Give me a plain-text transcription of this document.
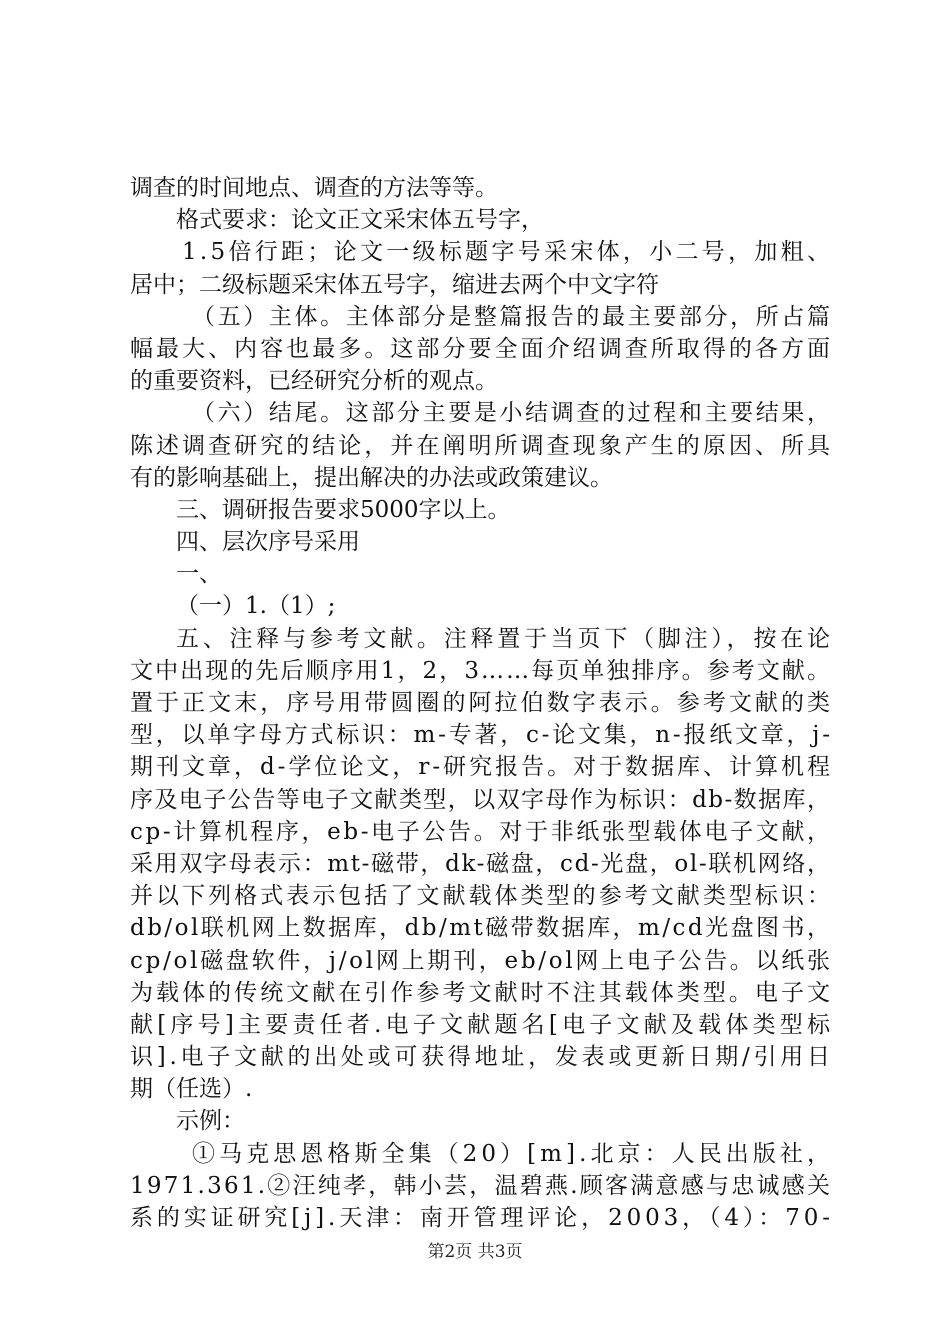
调查的时间地点、调查的方法等等。
格式要求：论文正文采宋体五号字，
1.5倍行距；论文一级标题字号采宋体，小二号，加粗、
居中；二级标题采宋体五号字，缩进去两个中文字符
（五）主体。主体部分是整篇报告的最主要部分，所占篇
幅最大、内容也最多。这部分要全面介绍调查所取得的各方面
的重要资料，已经研究分析的观点。
（六）结尾。这部分主要是小结调查的过程和主要结果，
陈述调查研究的结论，并在阐明所调查现象产生的原因、所具
有的影响基础上，提出解决的办法或政策建议。
三、调研报告要求5000字以上。
四、层次序号采用
一、
（一）1.（1）;
五、注释与参考文献。注释置于当页下（脚注），按在论
文中出现的先后顺序用1，2，3……每页单独排序。参考文献。
置于正文末，序号用带圆圈的阿拉伯数字表示。参考文献的类
型，以单字母方式标识：m-专著，c-论文集，n-报纸文章，j-
期刊文章，d-学位论文，r-研究报告。对于数据库、计算机程
序及电子公告等电子文献类型，以双字母作为标识：db-数据库，
cp-计算机程序，eb-电子公告。对于非纸张型载体电子文献，
采用双字母表示：mt-磁带，dk-磁盘，cd-光盘，ol-联机网络，
并以下列格式表示包括了文献载体类型的参考文献类型标识：
db/ol联机网上数据库，db/mt磁带数据库，m/cd光盘图书，
cp/ol磁盘软件，j/ol网上期刊，eb/ol网上电子公告。以纸张
为载体的传统文献在引作参考文献时不注其载体类型。电子文
献[序号]主要责任者.电子文献题名[电子文献及载体类型标
识].电子文献的出处或可获得地址，发表或更新日期/引用日
期（任选）.
示例：
①马克思恩格斯全集（20）[m].北京：人民出版社，
1971.361.②汪纯孝，韩小芸，温碧燕.顾客满意感与忠诚感关
系的实证研究[j].天津：南开管理评论，2003，（4）：70-
第2页 共3页
